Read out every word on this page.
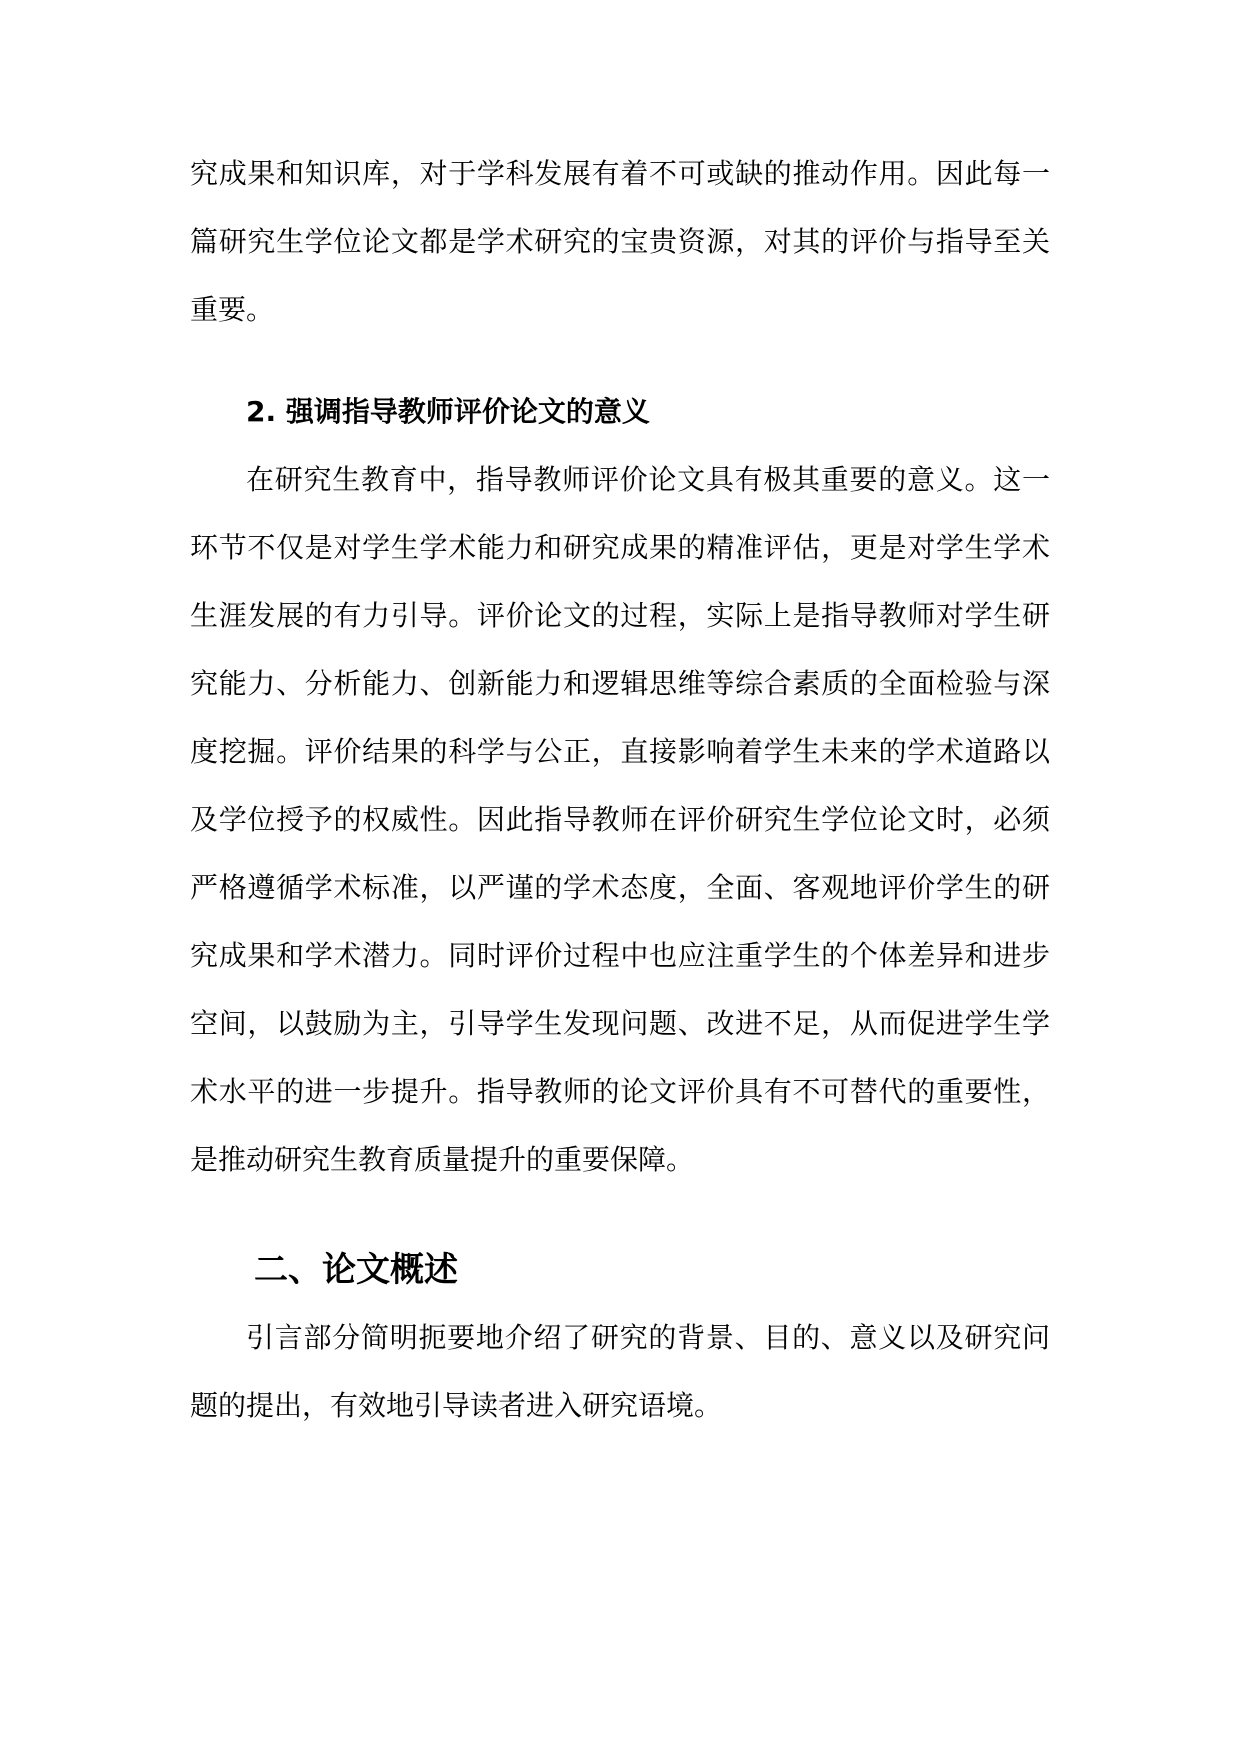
究成果和知识库，对于学科发展有着不可或缺的推动作用。因此每一篇研究生学位论文都是学术研究的宝贵资源，对其的评价与指导至关重要。

2. 强调指导教师评价论文的意义

在研究生教育中，指导教师评价论文具有极其重要的意义。这一环节不仅是对学生学术能力和研究成果的精准评估，更是对学生学术生涯发展的有力引导。评价论文的过程，实际上是指导教师对学生研究能力、分析能力、创新能力和逻辑思维等综合素质的全面检验与深度挖掘。评价结果的科学与公正，直接影响着学生未来的学术道路以及学位授予的权威性。因此指导教师在评价研究生学位论文时，必须严格遵循学术标准，以严谨的学术态度，全面、客观地评价学生的研究成果和学术潜力。同时评价过程中也应注重学生的个体差异和进步空间，以鼓励为主，引导学生发现问题、改进不足，从而促进学生学术水平的进一步提升。指导教师的论文评价具有不可替代的重要性，是推动研究生教育质量提升的重要保障。

二、论文概述

引言部分简明扼要地介绍了研究的背景、目的、意义以及研究问题的提出，有效地引导读者进入研究语境。
